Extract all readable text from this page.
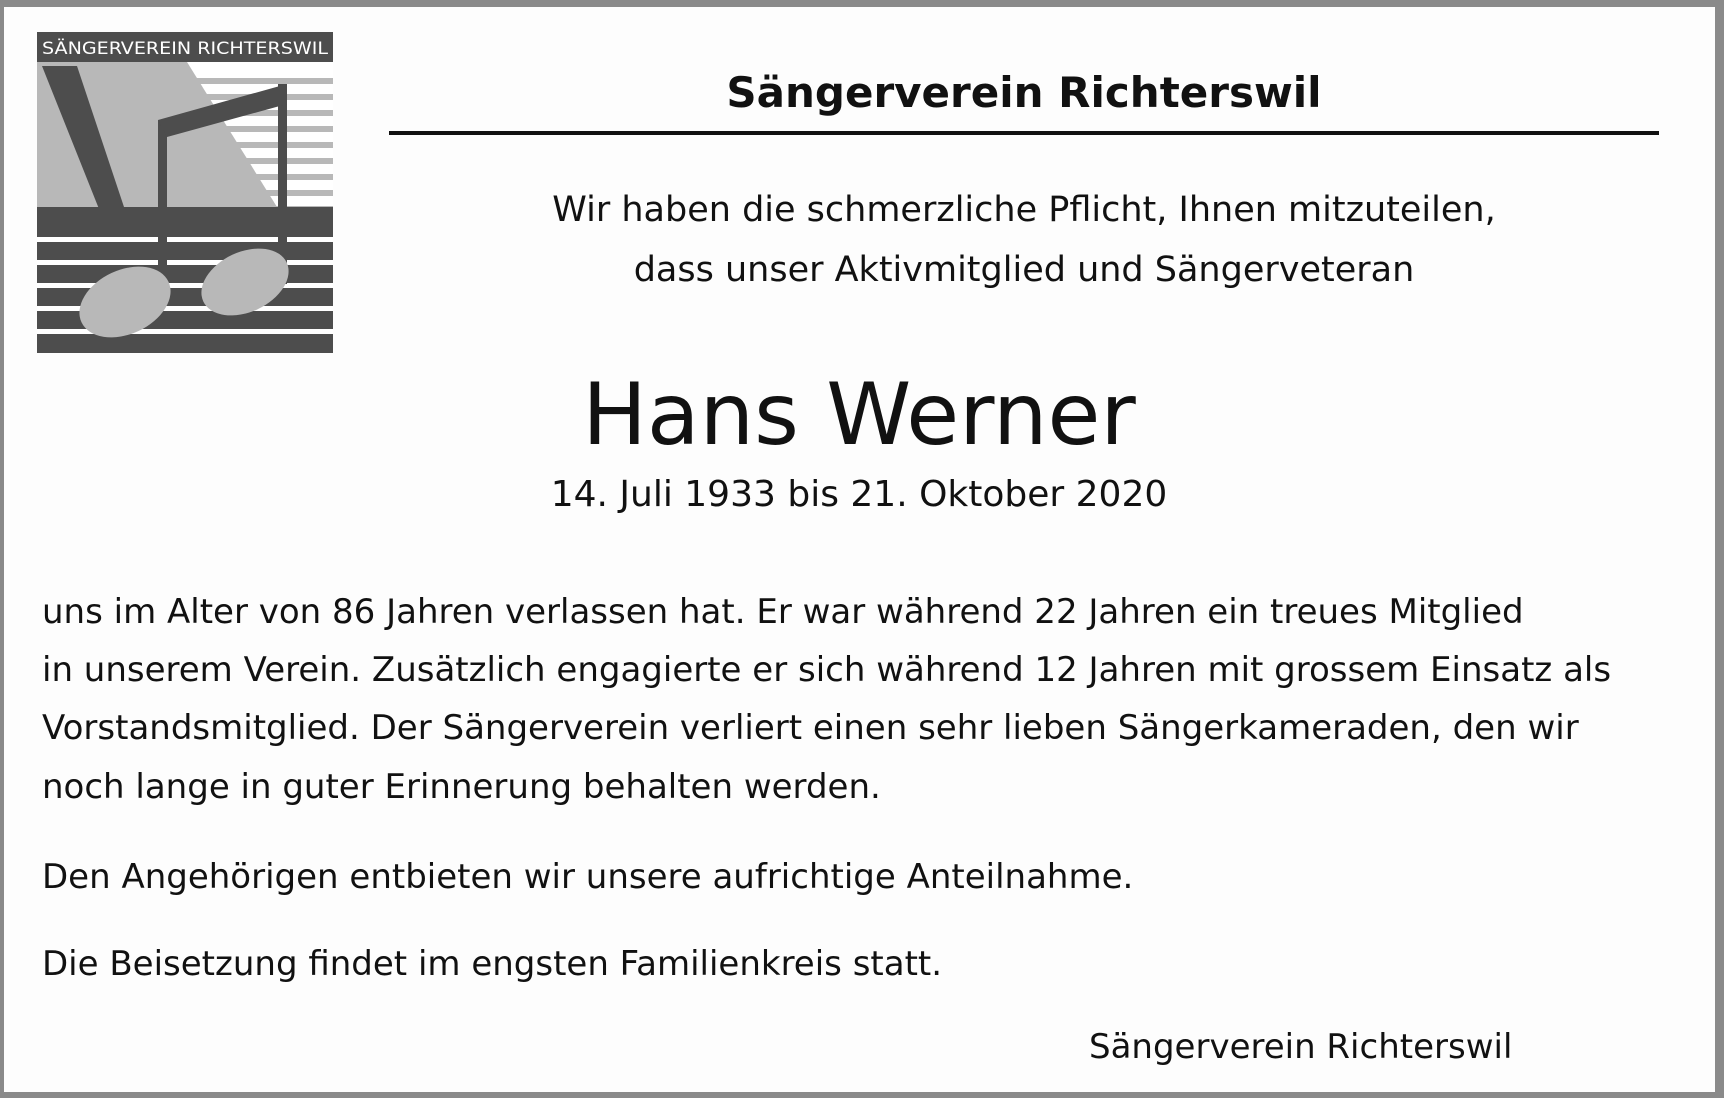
SÄNGERVEREIN RICHTERSWIL
Sängerverein Richterswil
Wir haben die schmerzliche Pflicht, Ihnen mitzuteilen,
dass unser Aktivmitglied und Sängerveteran
Hans Werner
14. Juli 1933 bis 21. Oktober 2020
uns im Alter von 86 Jahren verlassen hat. Er war während 22 Jahren ein treues Mitglied
in unserem Verein. Zusätzlich engagierte er sich während 12 Jahren mit grossem Einsatz als
Vorstandsmitglied. Der Sängerverein verliert einen sehr lieben Sängerkameraden, den wir
noch lange in guter Erinnerung behalten werden.
Den Angehörigen entbieten wir unsere aufrichtige Anteilnahme.
Die Beisetzung findet im engsten Familienkreis statt.
Sängerverein Richterswil
